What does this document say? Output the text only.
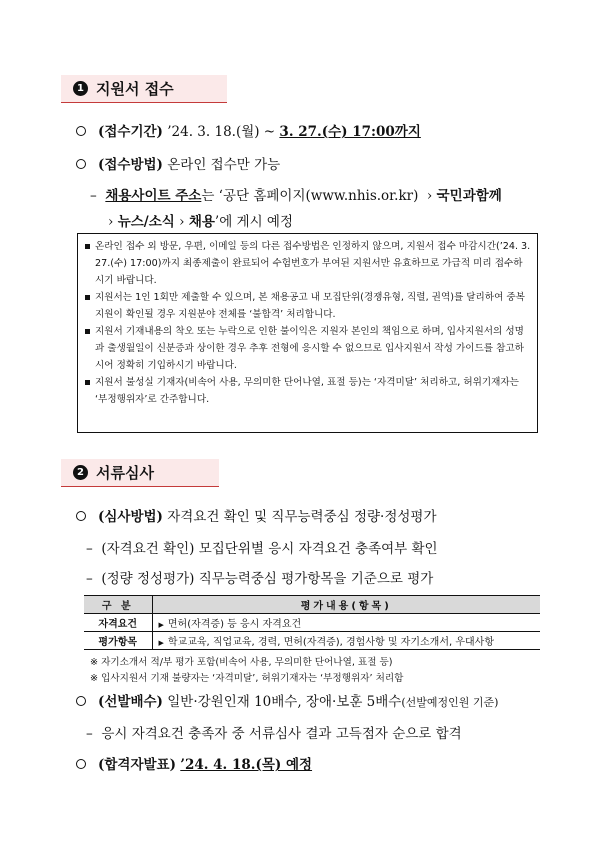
1 지원서 접수
(접수기간) ’24. 3. 18.(월) ~ 3. 27.(수) 17:00까지
(접수방법) 온라인 접수만 가능
–  채용사이트 주소는 ‘공단 홈페이지(www.nhis.or.kr)  › 국민과함께
› 뉴스/소식 › 채용’에 게시 예정
온라인 접수 외 방문, 우편, 이메일 등의 다른 접수방법은 인정하지 않으며, 지원서 접수 마감시간(’24. 3. 27.(수) 17:00)까지 최종제출이 완료되어 수험번호가 부여된 지원서만 유효하므로 가급적 미리 접수하시기 바랍니다.
지원서는 1인 1회만 제출할 수 있으며, 본 채용공고 내 모집단위(경쟁유형, 직렬, 권역)를 달리하여 중복지원이 확인될 경우 지원분야 전체를 ‘불합격’ 처리합니다.
지원서 기재내용의 착오 또는 누락으로 인한 불이익은 지원자 본인의 책임으로 하며, 입사지원서의 성명과 출생월일이 신분증과 상이한 경우 추후 전형에 응시할 수 없으므로 입사지원서 작성 가이드를 참고하시어 정확히 기입하시기 바랍니다.
지원서 불성실 기재자(비속어 사용, 무의미한 단어나열, 표절 등)는 ‘자격미달’ 처리하고, 허위기재자는 ‘부정행위자’로 간주합니다.
2 서류심사
(심사방법) 자격요건 확인 및 직무능력중심 정량·정성평가
–  (자격요건 확인) 모집단위별 응시 자격요건 충족여부 확인
–  (정량 정성평가) 직무능력중심 평가항목을 기준으로 평가
구 분	평가내용(항목)
자격요건	▶ 면허(자격증) 등 응시 자격요건
평가항목	▶ 학교교육, 직업교육, 경력, 면허(자격증), 경험사항 및 자기소개서, 우대사항
※ 자기소개서 적/부 평가 포함(비속어 사용, 무의미한 단어나열, 표절 등)
※ 입사지원서 기재 불량자는 ‘자격미달’, 허위기재자는 ‘부정행위자’ 처리함
(선발배수) 일반·강원인재 10배수, 장애·보훈 5배수(선발예정인원 기준)
–  응시 자격요건 충족자 중 서류심사 결과 고득점자 순으로 합격
(합격자발표) ’24. 4. 18.(목) 예정
